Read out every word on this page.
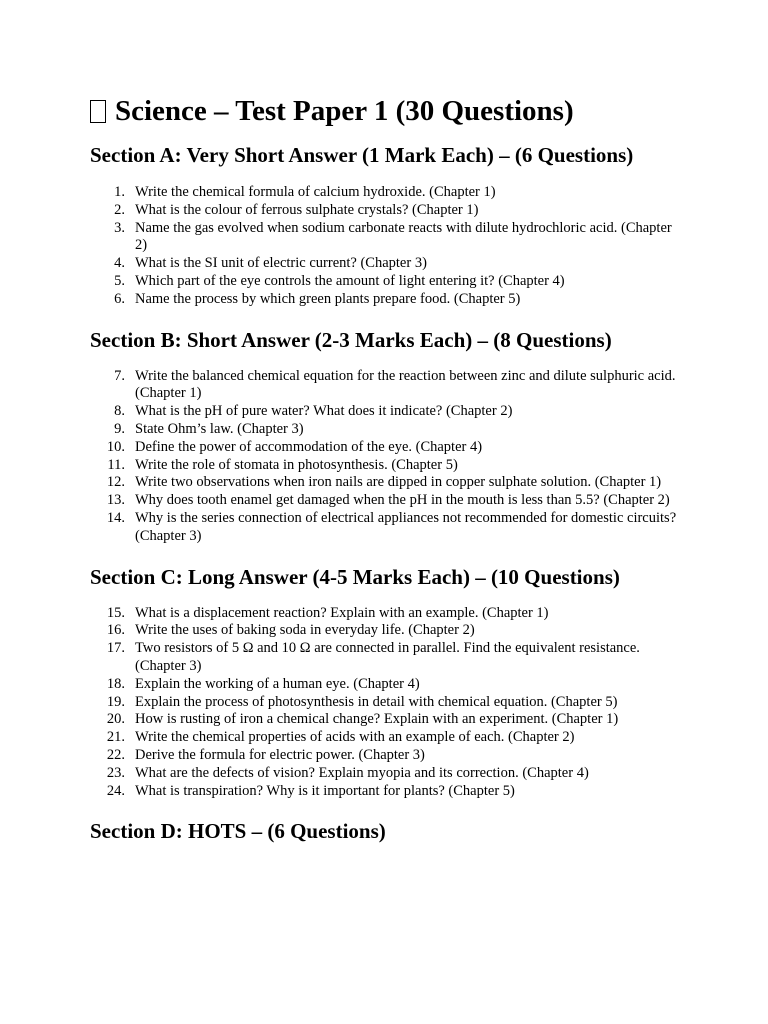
Science – Test Paper 1 (30 Questions)
Section A: Very Short Answer (1 Mark Each) – (6 Questions)
1. Write the chemical formula of calcium hydroxide. (Chapter 1)
2. What is the colour of ferrous sulphate crystals? (Chapter 1)
3. Name the gas evolved when sodium carbonate reacts with dilute hydrochloric acid. (Chapter 2)
4. What is the SI unit of electric current? (Chapter 3)
5. Which part of the eye controls the amount of light entering it? (Chapter 4)
6. Name the process by which green plants prepare food. (Chapter 5)
Section B: Short Answer (2-3 Marks Each) – (8 Questions)
7. Write the balanced chemical equation for the reaction between zinc and dilute sulphuric acid. (Chapter 1)
8. What is the pH of pure water? What does it indicate? (Chapter 2)
9. State Ohm’s law. (Chapter 3)
10. Define the power of accommodation of the eye. (Chapter 4)
11. Write the role of stomata in photosynthesis. (Chapter 5)
12. Write two observations when iron nails are dipped in copper sulphate solution. (Chapter 1)
13. Why does tooth enamel get damaged when the pH in the mouth is less than 5.5? (Chapter 2)
14. Why is the series connection of electrical appliances not recommended for domestic circuits? (Chapter 3)
Section C: Long Answer (4-5 Marks Each) – (10 Questions)
15. What is a displacement reaction? Explain with an example. (Chapter 1)
16. Write the uses of baking soda in everyday life. (Chapter 2)
17. Two resistors of 5 Ω and 10 Ω are connected in parallel. Find the equivalent resistance. (Chapter 3)
18. Explain the working of a human eye. (Chapter 4)
19. Explain the process of photosynthesis in detail with chemical equation. (Chapter 5)
20. How is rusting of iron a chemical change? Explain with an experiment. (Chapter 1)
21. Write the chemical properties of acids with an example of each. (Chapter 2)
22. Derive the formula for electric power. (Chapter 3)
23. What are the defects of vision? Explain myopia and its correction. (Chapter 4)
24. What is transpiration? Why is it important for plants? (Chapter 5)
Section D: HOTS – (6 Questions)
